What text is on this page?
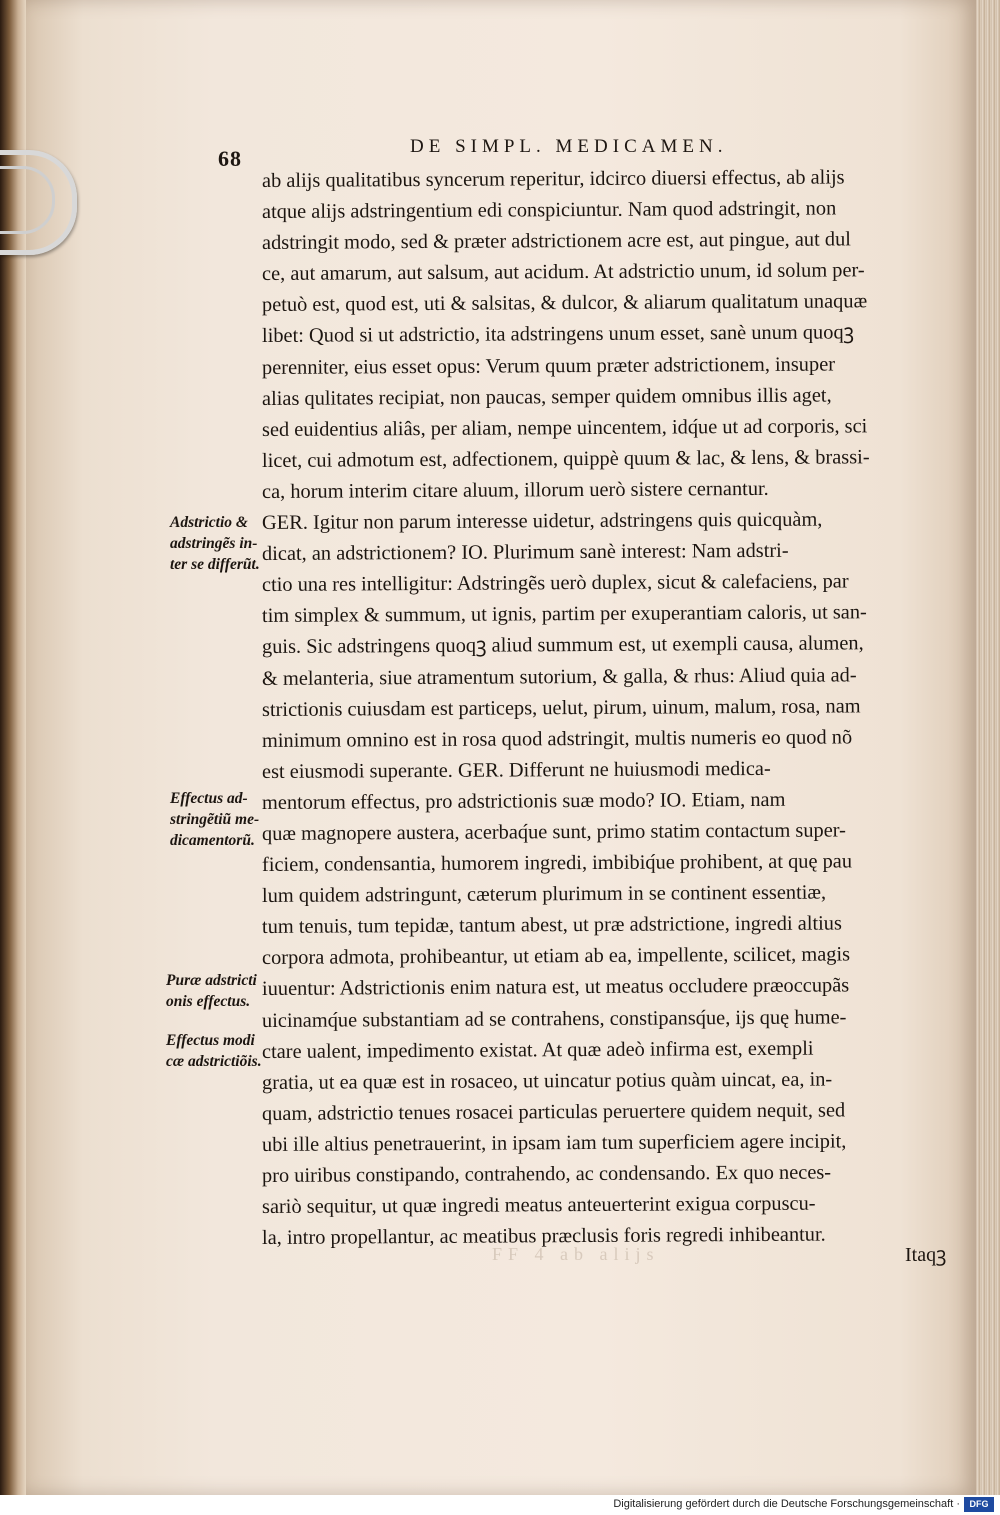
68	DE SIMPL. MEDICAMEN.
ab alijs qualitatibus syncerum reperitur, idcirco diuersi effectus, ab alijs
atque alijs adstringentium edi conspiciuntur. Nam quod adstringit, non
adstringit modo, sed & præter adstrictionem acre est, aut pingue, aut dul
ce, aut amarum, aut salsum, aut acidum. At adstrictio unum, id solum per-
petuò est, quod est, uti & salsitas, & dulcor, & aliarum qualitatum unaquæ
libet: Quod si ut adstrictio, ita adstringens unum esset, sanè unum quoqꝫ
perenniter, eius esset opus: Verum quum præter adstrictionem, insuper
alias qulitates recipiat, non paucas, semper quidem omnibus illis aget,
sed euidentius aliâs, per aliam, nempe uincentem, idq́ue ut ad corporis, sci
licet, cui admotum est, adfectionem, quippè quum & lac, & lens, & brassi-
ca, horum interim citare aluum, illorum uerò sistere cernantur.
GER. Igitur non parum interesse uidetur, adstringens quis quicquàm,
dicat, an adstrictionem? IO. Plurimum sanè interest: Nam adstri-
ctio una res intelligitur: Adstringẽs uerò duplex, sicut & calefaciens, par
tim simplex & summum, ut ignis, partim per exuperantiam caloris, ut san-
guis. Sic adstringens quoqꝫ aliud summum est, ut exempli causa, alumen,
& melanteria, siue atramentum sutorium, & galla, & rhus: Aliud quia ad-
strictionis cuiusdam est particeps, uelut, pirum, uinum, malum, rosa, nam
minimum omnino est in rosa quod adstringit, multis numeris eo quod nõ
est eiusmodi superante. GER. Differunt ne huiusmodi medica-
mentorum effectus, pro adstrictionis suæ modo? IO. Etiam, nam
quæ magnopere austera, acerbaq́ue sunt, primo statim contactum super-
ficiem, condensantia, humorem ingredi, imbibiq́ue prohibent, at quę pau
lum quidem adstringunt, cæterum plurimum in se continent essentiæ,
tum tenuis, tum tepidæ, tantum abest, ut præ adstrictione, ingredi altius
corpora admota, prohibeantur, ut etiam ab ea, impellente, scilicet, magis
iuuentur: Adstrictionis enim natura est, ut meatus occludere præoccupãs
uicinamq́ue substantiam ad se contrahens, constipansq́ue, ijs quę hume-
ctare ualent, impedimento existat. At quæ adeò infirma est, exempli
gratia, ut ea quæ est in rosaceo, ut uincatur potius quàm uincat, ea, in-
quam, adstrictio tenues rosacei particulas peruertere quidem nequit, sed
ubi ille altius penetrauerint, in ipsam iam tum superficiem agere incipit,
pro uiribus constipando, contrahendo, ac condensando. Ex quo neces-
sariò sequitur, ut quæ ingredi meatus anteuerterint exigua corpuscu-
la, intro propellantur, ac meatibus præclusis foris regredi inhibeantur.
Adstrictio &
adstringẽs in-
ter se differũt.
Effectus ad-
stringẽtiũ me-
dicamentorũ.
Puræ adstricti
onis effectus.
Effectus modi
cæ adstrictiõis.
FF 4 ab alijs	Itaqꝫ
Digitalisierung gefördert durch die Deutsche Forschungsgemeinschaft ·	DFG
